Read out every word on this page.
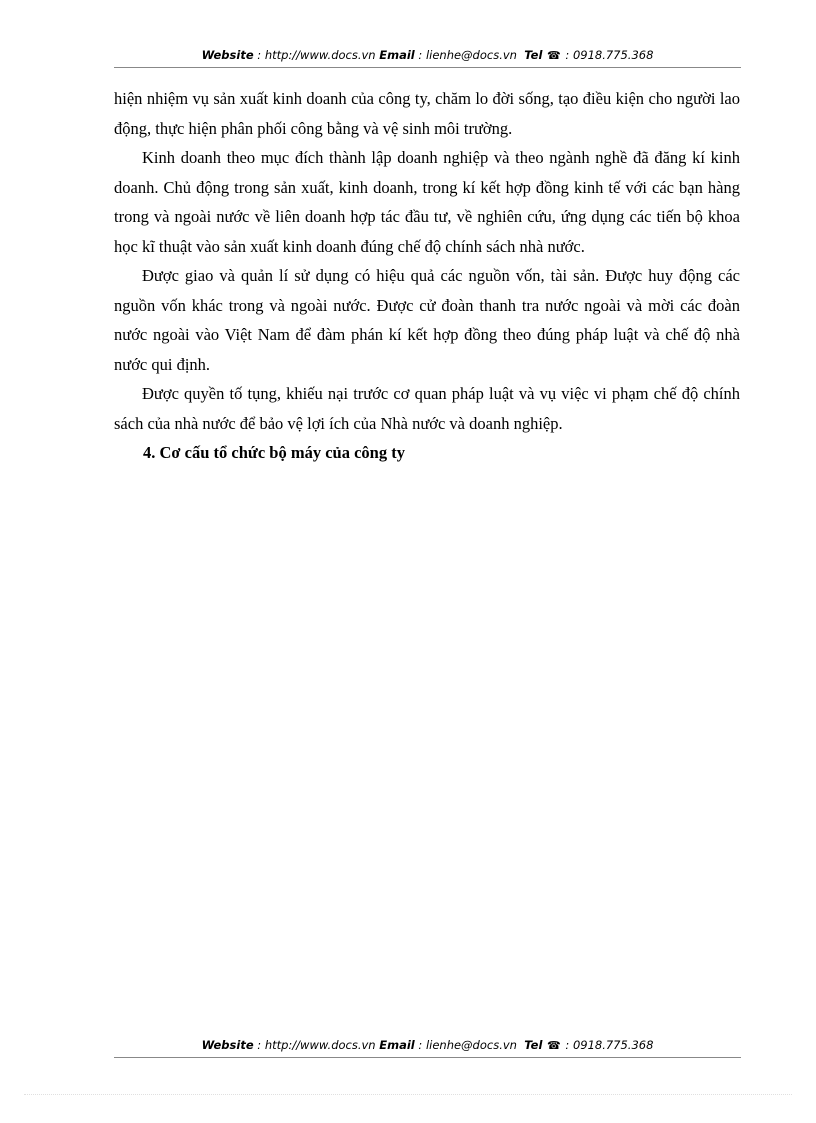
Website : http://www.docs.vn Email : lienhe@docs.vn Tel ☎ : 0918.775.368

hiện nhiệm vụ sản xuất kinh doanh của công ty, chăm lo đời sống, tạo điều kiện cho người lao động, thực hiện phân phối công bằng và vệ sinh môi trường.

Kinh doanh theo mục đích thành lập doanh nghiệp và theo ngành nghề đã đăng kí kinh doanh. Chủ động trong sản xuất, kinh doanh, trong kí kết hợp đồng kinh tế với các bạn hàng trong và ngoài nước về liên doanh hợp tác đầu tư, về nghiên cứu, ứng dụng các tiến bộ khoa học kĩ thuật vào sản xuất kinh doanh đúng chế độ chính sách nhà nước.

Được giao và quản lí sử dụng có hiệu quả các nguồn vốn, tài sản. Được huy động các nguồn vốn khác trong và ngoài nước. Được cử đoàn thanh tra nước ngoài và mời các đoàn nước ngoài vào Việt Nam để đàm phán kí kết hợp đồng theo đúng pháp luật và chế độ nhà nước qui định.

Được quyền tố tụng, khiếu nại trước cơ quan pháp luật và vụ việc vi phạm chế độ chính sách của nhà nước để bảo vệ lợi ích của Nhà nước và doanh nghiệp.

4. Cơ cấu tổ chức bộ máy của công ty

Website : http://www.docs.vn Email : lienhe@docs.vn Tel ☎ : 0918.775.368
